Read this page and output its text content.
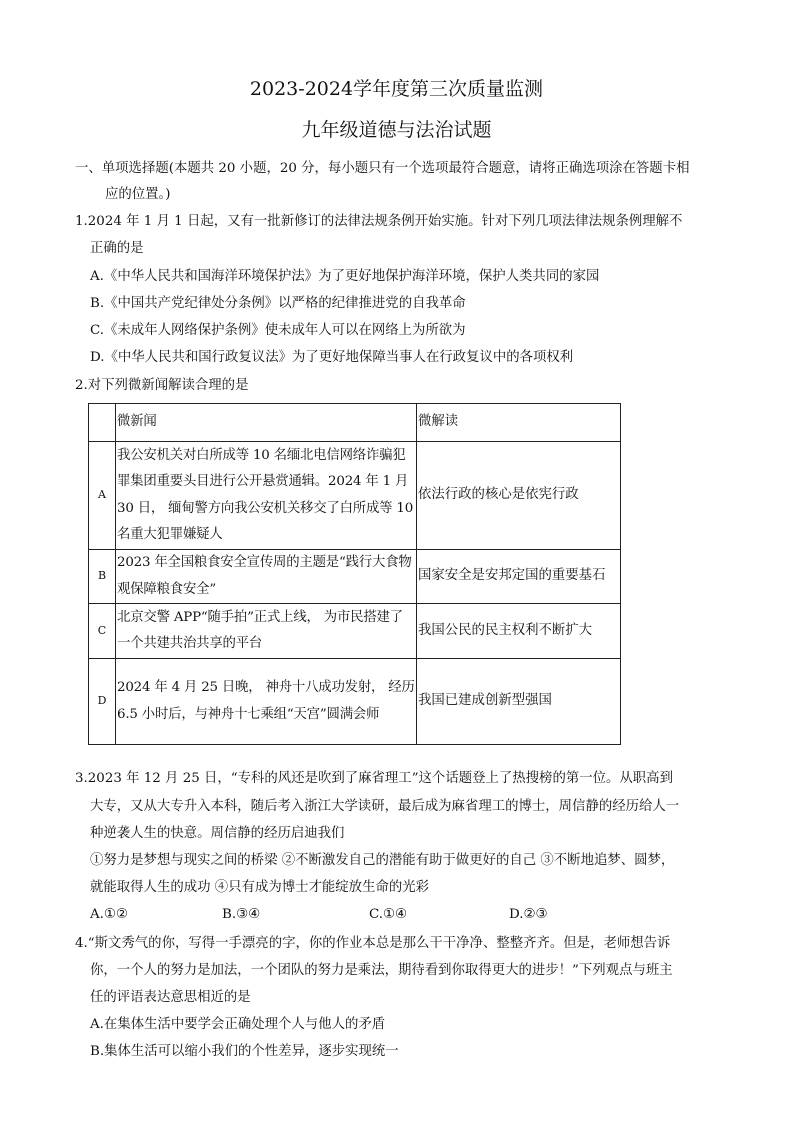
2023-2024学年度第三次质量监测
九年级道德与法治试题
一、单项选择题(本题共 20 小题，20 分，每小题只有一个选项最符合题意，请将正确选项涂在答题卡相
应的位置。)
1.2024 年 1 月 1 日起，又有一批新修订的法律法规条例开始实施。针对下列几项法律法规条例理解不
正确的是
A.《中华人民共和国海洋环境保护法》为了更好地保护海洋环境，保护人类共同的家园
B.《中国共产党纪律处分条例》以严格的纪律推进党的自我革命
C.《未成年人网络保护条例》使未成年人可以在网络上为所欲为
D.《中华人民共和国行政复议法》为了更好地保障当事人在行政复议中的各项权利
2.对下列微新闻解读合理的是
	微新闻	微解读
A	我公安机关对白所成等 10 名缅北电信网络诈骗犯罪集团重要头目进行公开悬赏通辑。2024 年 1 月 30 日， 缅甸警方向我公安机关移交了白所成等 10 名重大犯罪嫌疑人	依法行政的核心是依宪行政
B	2023 年全国粮食安全宣传周的主题是“践行大食物观保障粮食安全”	国家安全是安邦定国的重要基石
C	北京交警 APP“随手拍”正式上线， 为市民搭建了一个共建共治共享的平台	我国公民的民主权利不断扩大
D	2024 年 4 月 25 日晚， 神舟十八成功发射， 经历6.5 小时后，与神舟十七乘组“天宫”圆满会师	我国已建成创新型强国
3.2023 年 12 月 25 日，“专科的风还是吹到了麻省理工”这个话题登上了热搜榜的第一位。从职高到
大专，又从大专升入本科，随后考入浙江大学读研，最后成为麻省理工的博士，周信静的经历给人一
种逆袭人生的快意。周信静的经历启迪我们
①努力是梦想与现实之间的桥梁 ②不断激发自己的潜能有助于做更好的自己 ③不断地追梦、圆梦，
就能取得人生的成功 ④只有成为博士才能绽放生命的光彩
A.①②	B.③④	C.①④	D.②③
4.“斯文秀气的你，写得一手漂亮的字，你的作业本总是那么干干净净、整整齐齐。但是，老师想告诉
你，一个人的努力是加法，一个团队的努力是乘法，期待看到你取得更大的进步！”下列观点与班主
任的评语表达意思相近的是
A.在集体生活中要学会正确处理个人与他人的矛盾
B.集体生活可以缩小我们的个性差异，逐步实现统一
